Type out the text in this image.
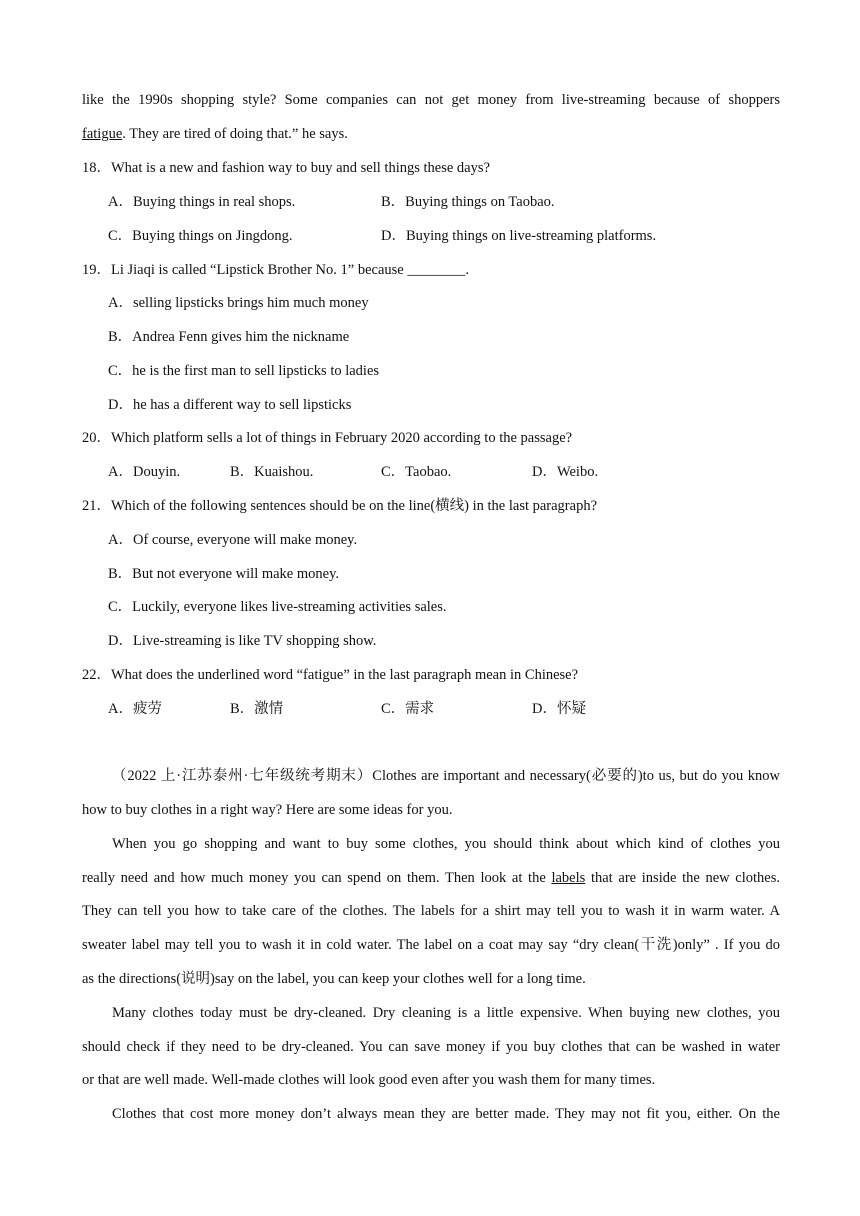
like the 1990s shopping style? Some companies can not get money from live-streaming because of shoppers
fatigue. They are tired of doing that.” he says.
18．What is a new and fashion way to buy and sell things these days?
A．Buying things in real shops.	B．Buying things on Taobao.
C．Buying things on Jingdong.	D．Buying things on live-streaming platforms.
19．Li Jiaqi is called “Lipstick Brother No. 1” because ________.
A．selling lipsticks brings him much money
B．Andrea Fenn gives him the nickname
C．he is the first man to sell lipsticks to ladies
D．he has a different way to sell lipsticks
20．Which platform sells a lot of things in February 2020 according to the passage?
A．Douyin.	B．Kuaishou.	C．Taobao.	D．Weibo.
21．Which of the following sentences should be on the line(横线) in the last paragraph?
A．Of course, everyone will make money.
B．But not everyone will make money.
C．Luckily, everyone likes live-streaming activities sales.
D．Live-streaming is like TV shopping show.
22．What does the underlined word “fatigue” in the last paragraph mean in Chinese?
A．疲劳	B．激情	C．需求	D．怀疑
（2022 上·江苏泰州·七年级统考期末）Clothes are important and necessary(必要的)to us, but do you know
how to buy clothes in a right way? Here are some ideas for you.
When you go shopping and want to buy some clothes, you should think about which kind of clothes you
really need and how much money you can spend on them. Then look at the labels that are inside the new clothes.
They can tell you how to take care of the clothes. The labels for a shirt may tell you to wash it in warm water. A
sweater label may tell you to wash it in cold water. The label on a coat may say “dry clean(干洗)only” . If you do
as the directions(说明)say on the label, you can keep your clothes well for a long time.
Many clothes today must be dry-cleaned. Dry cleaning is a little expensive. When buying new clothes, you
should check if they need to be dry-cleaned. You can save money if you buy clothes that can be washed in water
or that are well made. Well-made clothes will look good even after you wash them for many times.
Clothes that cost more money don’t always mean they are better made. They may not fit you, either. On the
